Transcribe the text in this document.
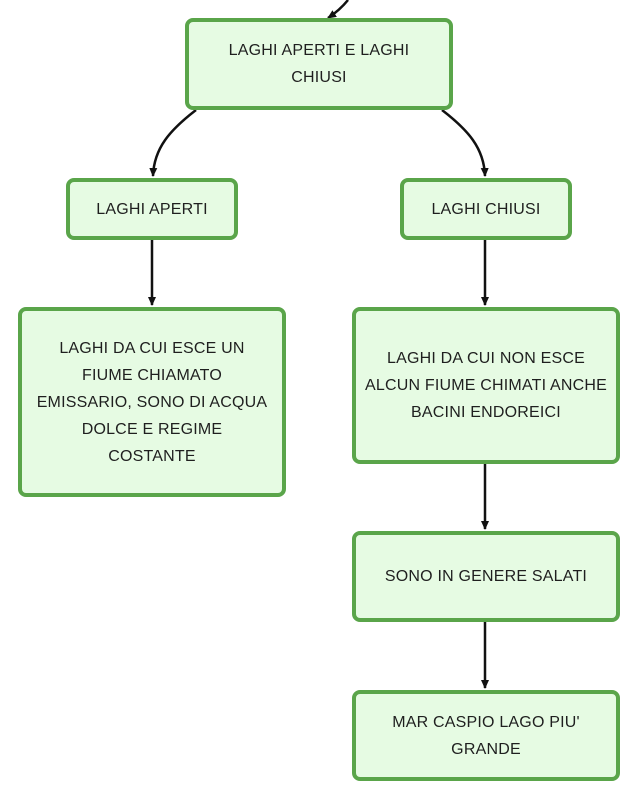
LAGHI APERTI E LAGHI CHIUSI
LAGHI APERTI	LAGHI CHIUSI
LAGHI DA CUI ESCE UN FIUME CHIAMATO EMISSARIO, SONO DI ACQUA DOLCE E REGIME COSTANTE
LAGHI DA CUI NON ESCE ALCUN FIUME CHIMATI ANCHE BACINI ENDOREICI
SONO IN GENERE SALATI
MAR CASPIO LAGO PIU' GRANDE
